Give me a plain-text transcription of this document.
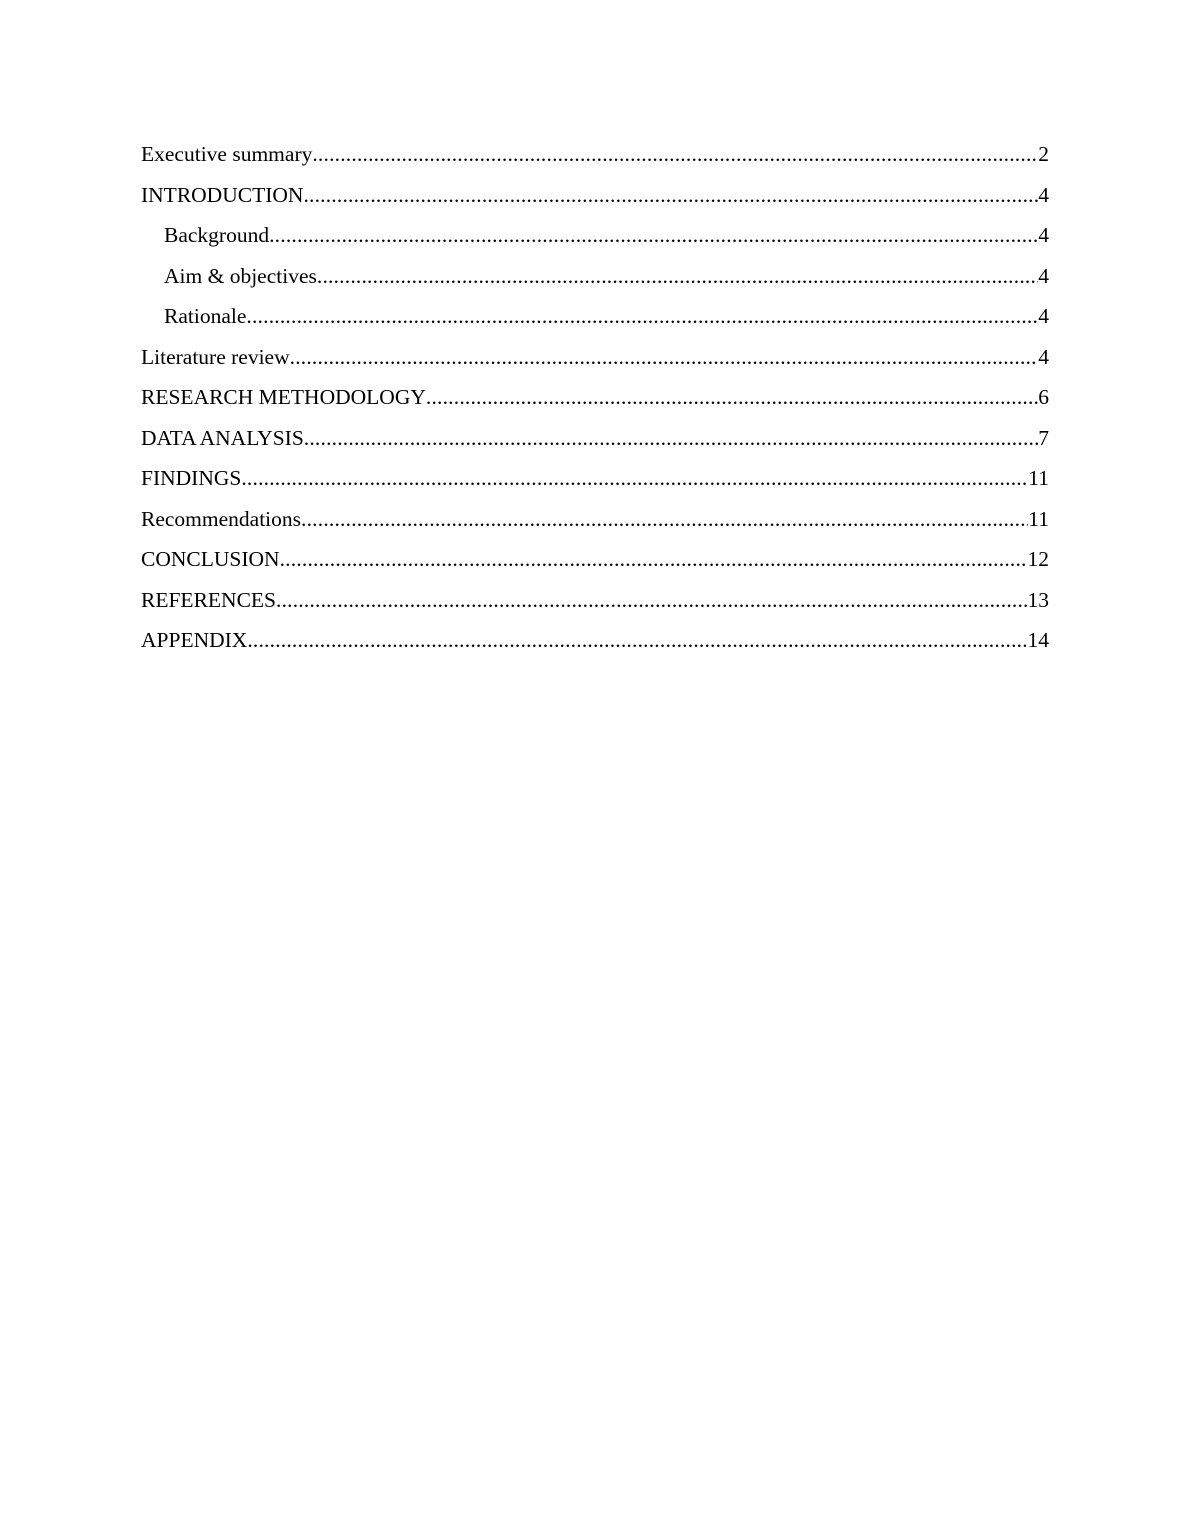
Executive summary .....	2
INTRODUCTION .....	4
Background .....	4
Aim & objectives .....	4
Rationale .....	4
Literature review .....	4
RESEARCH METHODOLOGY .....	6
DATA ANALYSIS .....	7
FINDINGS .....	11
Recommendations .....	11
CONCLUSION .....	12
REFERENCES .....	13
APPENDIX .....	14
